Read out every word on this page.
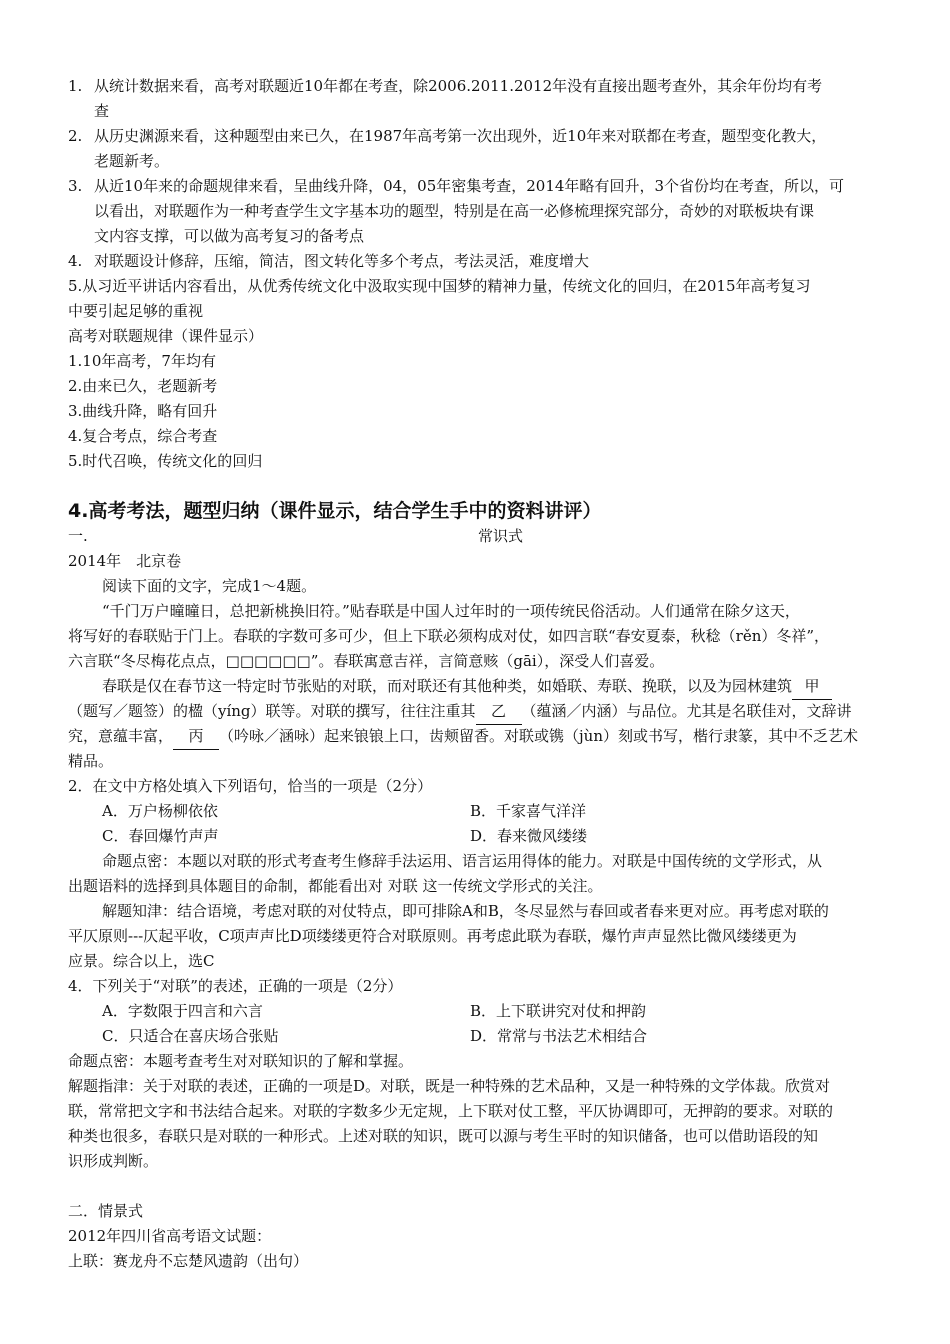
1. 从统计数据来看，高考对联题近10年都在考查，除2006.2011.2012年没有直接出题考查外，其余年份均有考
查
2. 从历史渊源来看，这种题型由来已久，在1987年高考第一次出现外，近10年来对联都在考查，题型变化教大，
老题新考。
3. 从近10年来的命题规律来看，呈曲线升降，04，05年密集考查，2014年略有回升，3个省份均在考查，所以，可
以看出，对联题作为一种考查学生文字基本功的题型，特别是在高一必修梳理探究部分，奇妙的对联板块有课
文内容支撑，可以做为高考复习的备考点
4. 对联题设计修辞，压缩，简洁，图文转化等多个考点，考法灵活，难度增大
5.从习近平讲话内容看出，从优秀传统文化中汲取实现中国梦的精神力量，传统文化的回归，在2015年高考复习
中要引起足够的重视
高考对联题规律（课件显示）
1.10年高考，7年均有
2.由来已久，老题新考
3.曲线升降，略有回升
4.复合考点，综合考查
5.时代召唤，传统文化的回归
4.高考考法，题型归纳（课件显示，结合学生手中的资料讲评）
一.	常识式
2014年　北京卷
阅读下面的文字，完成1～4题。
“千门万户曈曈日，总把新桃换旧符。”贴春联是中国人过年时的一项传统民俗活动。人们通常在除夕这天，
将写好的春联贴于门上。春联的字数可多可少，但上下联必须构成对仗，如四言联“春安夏泰，秋稔（rěn）冬祥”，
六言联“冬尽梅花点点，□□□□□□”。春联寓意吉祥，言简意赅（gāi），深受人们喜爱。
春联是仅在春节这一特定时节张贴的对联，而对联还有其他种类，如婚联、寿联、挽联，以及为园林建筑 甲
（题写／题签）的楹（yíng）联等。对联的撰写，往往注重其 乙 （蕴涵／内涵）与品位。尤其是名联佳对，文辞讲
究，意蕴丰富， 丙 （吟咏／涵咏）起来锒锒上口，齿颊留香。对联或镌（jùn）刻或书写，楷行隶篆，其中不乏艺术
精品。
2．在文中方格处填入下列语句，恰当的一项是（2分）
A．万户杨柳依依	B．千家喜气洋洋
C．春回爆竹声声	D．春来微风缕缕
命题点密：本题以对联的形式考查考生修辞手法运用、语言运用得体的能力。对联是中国传统的文学形式，从
出题语料的选择到具体题目的命制，都能看出对 对联 这一传统文学形式的关注。
解题知津：结合语境，考虑对联的对仗特点，即可排除A和B，冬尽显然与春回或者春来更对应。再考虑对联的
平仄原则---仄起平收，C项声声比D项缕缕更符合对联原则。再考虑此联为春联，爆竹声声显然比微风缕缕更为
应景。综合以上，选C
4．下列关于“对联”的表述，正确的一项是（2分）
A．字数限于四言和六言	B．上下联讲究对仗和押韵
C．只适合在喜庆场合张贴	D．常常与书法艺术相结合
命题点密：本题考查考生对对联知识的了解和掌握。
解题指津：关于对联的表述，正确的一项是D。对联，既是一种特殊的艺术品种，又是一种特殊的文学体裁。欣赏对
联，常常把文字和书法结合起来。对联的字数多少无定规，上下联对仗工整，平仄协调即可，无押韵的要求。对联的
种类也很多，春联只是对联的一种形式。上述对联的知识，既可以源与考生平时的知识储备，也可以借助语段的知
识形成判断。
二．情景式
2012年四川省高考语文试题：
上联：赛龙舟不忘楚风遗韵（出句）
